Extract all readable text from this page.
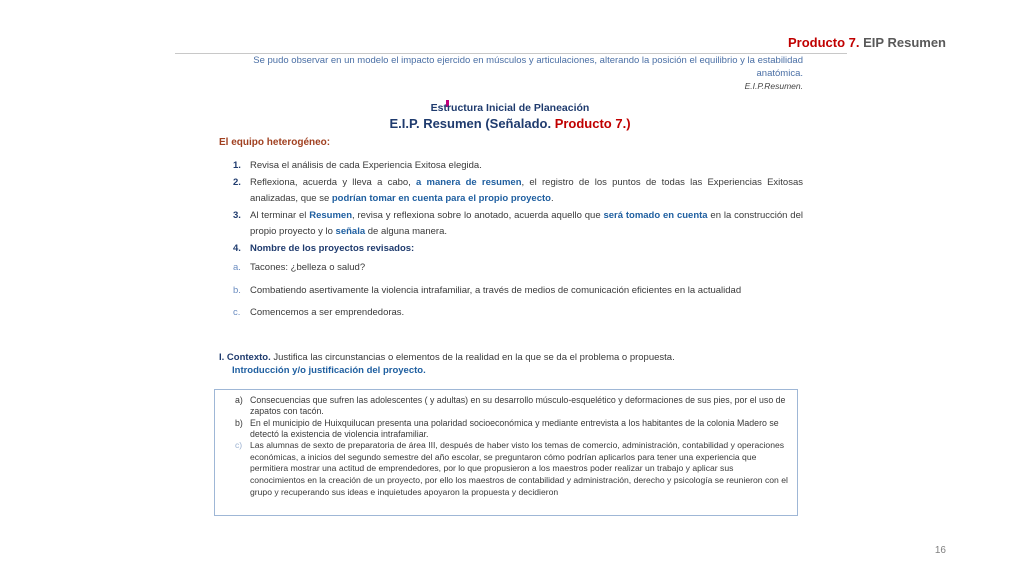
Producto 7. EIP Resumen
Se pudo observar en un modelo el impacto ejercido en músculos y articulaciones, alterando la posición el equilibrio y la estabilidad anatómica.
E.I.P.Resumen.
Estructura Inicial de Planeación
E.I.P. Resumen (Señalado. Producto 7.)
El equipo heterogéneo:
1. Revisa el análisis de cada Experiencia Exitosa elegida.
2. Reflexiona, acuerda y lleva a cabo, a manera de resumen, el registro de los puntos de todas las Experiencias Exitosas analizadas, que se podrían tomar en cuenta para el propio proyecto.
3. Al terminar el Resumen, revisa y reflexiona sobre lo anotado, acuerda aquello que será tomado en cuenta en la construcción del propio proyecto y lo señala de alguna manera.
4. Nombre de los proyectos revisados:
a. Tacones: ¿belleza o salud?
b. Combatiendo asertivamente la violencia intrafamiliar, a través de medios de comunicación eficientes en la actualidad
c.	Comencemos a ser emprendedoras.
I. Contexto. Justifica las circunstancias o elementos de la realidad en la que se da el problema o propuesta.
Introducción y/o justificación del proyecto.
a) Consecuencias que sufren las adolescentes ( y adultas) en su desarrollo músculo-esquelético y deformaciones de sus pies, por el uso de zapatos con tacón.
b) En el municipio de Huixquilucan presenta una polaridad socioeconómica y mediante entrevista a los habitantes de la colonia Madero se detectó la existencia de violencia intrafamiliar.
c) Las alumnas de sexto de preparatoria de área III, después de haber visto los temas de comercio, administración, contabilidad y operaciones económicas, a inicios del segundo semestre del año escolar, se preguntaron cómo podrían aplicarlos para tener una experiencia que permitiera mostrar una actitud de emprendedores, por lo que propusieron a los maestros poder realizar un trabajo y aplicar sus conocimientos en la creación de un proyecto, por ello los maestros de contabilidad y administración, derecho y psicología se reunieron con el grupo y recuperando sus ideas e inquietudes apoyaron la propuesta y decidieron
16
